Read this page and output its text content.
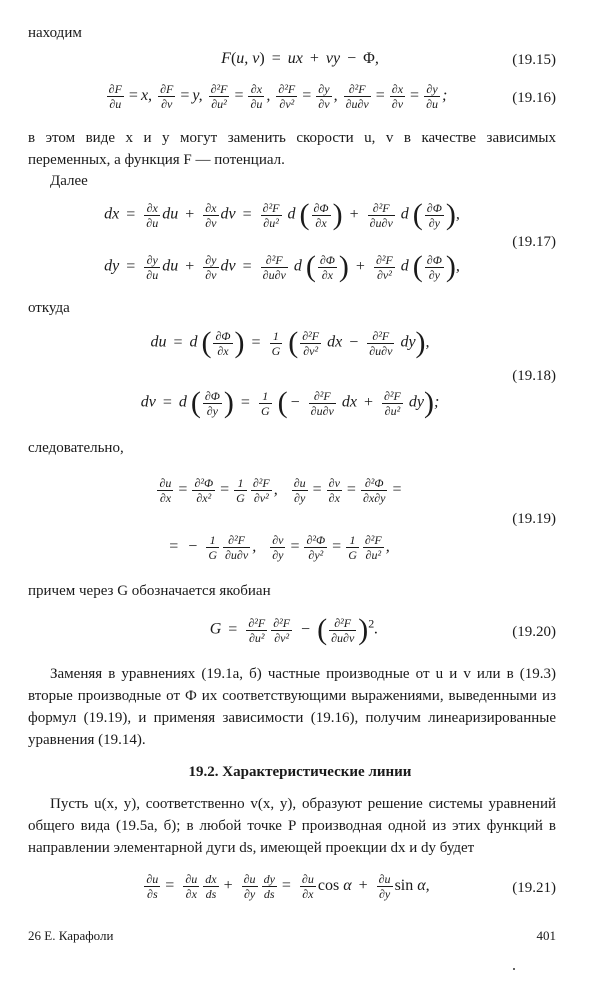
находим
F(u, v) = ux + vy − Φ,	(19.15)
$\frac{\partial F}{\partial u} = x$, $\frac{\partial F}{\partial v} = y$, $\frac{\text{∂²F}}{\text{∂u²}} = \frac{\partial x}{\partial u}$ , $\frac{\text{∂²F}}{\text{∂v²}} = \frac{\partial y}{\partial v}$ , $\frac{\text{∂²F}}{\partial u\partial v} = \frac{\partial x}{\partial v} = \frac{\partial y}{\partial u}$ ;	(19.16)
в этом виде x и y могут заменить скорости u, v в качестве зависимых
переменных, а функция F — потенциал.
Далее
dx = $\frac{\partial x}{\partial u}$ du + $\frac{\partial x}{\partial v}$ dv = $\frac{\text{∂²F}}{\text{∂u²}}$ d ( $\frac{\partial\Phi}{\partial x}$ ) + $\frac{\text{∂²F}}{\partial u\partial v}$ d ( $\frac{\partial\Phi}{\partial y}$ ),
(19.17)
dy = $\frac{\partial y}{\partial u}$ du + $\frac{\partial y}{\partial v}$ dv = $\frac{\text{∂²F}}{\partial u\partial v}$ d ( $\frac{\partial\Phi}{\partial x}$ ) + $\frac{\text{∂²F}}{\text{∂v²}}$ d ( $\frac{\partial\Phi}{\partial y}$ ),
откуда
du = d ( $\frac{\partial\Phi}{\partial x}$ ) = $\frac{1}{G}$ ( $\frac{\text{∂²F}}{\text{∂v²}}$ dx − $\frac{\text{∂²F}}{\partial u\partial v} dy$),
(19.18)
dv = d ( $\frac{\partial\Phi}{\partial y}$ ) = $\frac{1}{G}$ ( − $\frac{\text{∂²F}}{\partial u\partial v}$ dx + $\frac{\text{∂²F}}{\text{∂u²}} dy$);
следовательно,
$\frac{\partial u}{\partial x} = \frac{\text{∂²Φ}}{\text{∂x²}} = \frac{1}{G} \frac{\text{∂²F}}{\text{∂v²}}$ , $\frac{\partial u}{\partial y} = \frac{\partial v}{\partial x} = \frac{\text{∂²Φ}}{\partial x\partial y}$ =
(19.19)
= − $\frac{1}{G} \frac{\text{∂²F}}{\partial u\partial v}$ , $\frac{\partial v}{\partial y} = \frac{\text{∂²Φ}}{\text{∂y²}} = \frac{1}{G} \frac{\text{∂²F}}{\text{∂u²}}$ ,
причем через G обозначается якобиан
$G = \frac{\text{∂²F}}{\text{∂u²}} \frac{\text{∂²F}}{\text{∂v²}}$ − ( $\frac{\text{∂²F}}{\partial u\partial v} )^2$.	(19.20)
Заменяя в уравнениях (19.1a, б) частные производные от u и v или в (19.3) вторые производные от Ф их соответствующими выражениями, выведенными из формул (19.19), и применяя зависимости (19.16), получим линеаризированные уравнения (19.14).
19.2. Характеристические линии
Пусть u(x, y), соответственно v(x, y), образуют решение системы уравнений общего вида (19.5a, б); в любой точке P производная одной из этих функций в направлении элементарной дуги ds, имеющей проекции dx и dy будет
$\frac{\partial u}{\partial s} = \frac{\partial u}{\partial x} \frac{dx}{ds} + \frac{\partial u}{\partial y} \frac{dy}{ds} = \frac{\partial u}{\partial x}$ $\cos \alpha + \frac{\partial u}{\partial y}$ sin α,	(19.21)
26 Е. Карафоли	401
